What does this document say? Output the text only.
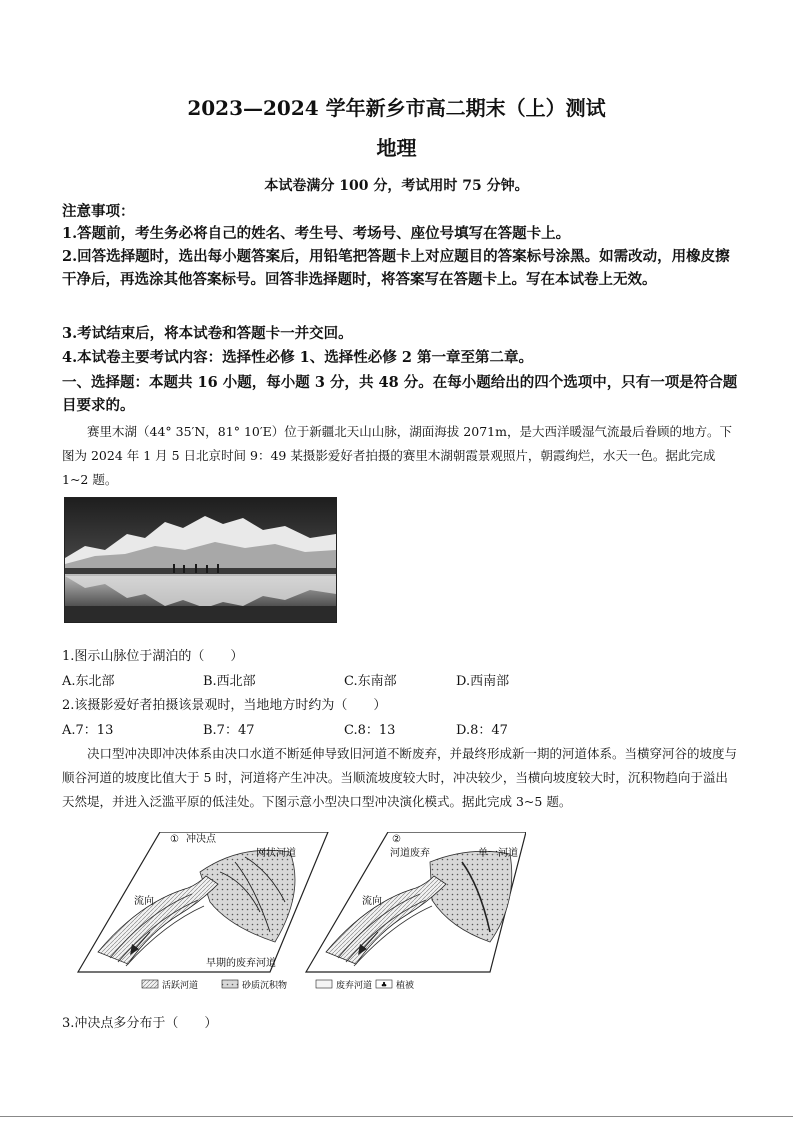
2023—2024 学年新乡市高二期末（上）测试
地理
本试卷满分 100 分，考试用时 75 分钟。
注意事项：
1.答题前，考生务必将自己的姓名、考生号、考场号、座位号填写在答题卡上。
2.回答选择题时，选出每小题答案后，用铅笔把答题卡上对应题目的答案标号涂黑。如需改动，用橡皮擦干净后，再选涂其他答案标号。回答非选择题时，将答案写在答题卡上。写在本试卷上无效。
3.考试结束后，将本试卷和答题卡一并交回。
4.本试卷主要考试内容：选择性必修 1、选择性必修 2 第一章至第二章。
一、选择题：本题共 16 小题，每小题 3 分，共 48 分。在每小题给出的四个选项中，只有一项是符合题目要求的。
赛里木湖（44° 35′N，81° 10′E）位于新疆北天山山脉，湖面海拔 2071m，是大西洋暖湿气流最后眷顾的地方。下图为 2024 年 1 月 5 日北京时间 9：49 某摄影爱好者拍摄的赛里木湖朝霞景观照片，朝霞绚烂，水天一色。据此完成 1~2 题。
1.图示山脉位于湖泊的（　　）
A.东北部	B.西北部	C.东南部	D.西南部
2.该摄影爱好者拍摄该景观时，当地地方时约为（　　）
A.7：13	B.7：47	C.8：13	D.8：47
决口型冲决即冲决体系由决口水道不断延伸导致旧河道不断废弃，并最终形成新一期的河道体系。当横穿河谷的坡度与顺谷河道的坡度比值大于 5 时，河道将产生冲决。当顺流坡度较大时，冲决较少，当横向坡度较大时，沉积物趋向于溢出天然堤，并进入泛滥平原的低洼处。下图示意小型决口型冲决演化模式。据此完成 3~5 题。
① 冲决点
网状河道
流向
早期的废弃河道
②
河道废弃	单一河道
流向
♣
活跃河道	砂质沉积物	废弃河道	植被
3.冲决点多分布于（　　）
